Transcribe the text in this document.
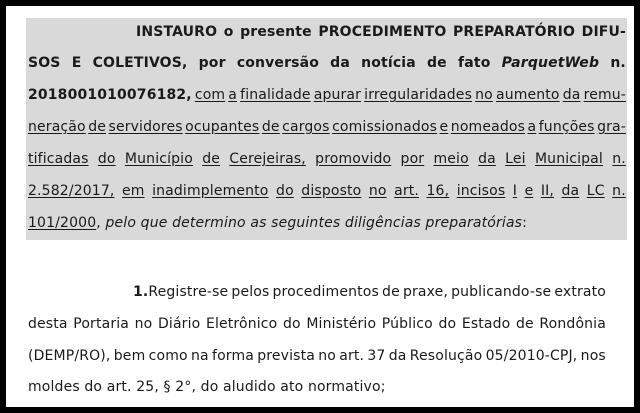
INSTAURO o presente PROCEDIMENTO PREPARATÓRIO DIFU-
SOS E COLETIVOS, por conversão da notícia de fato ParquetWeb n.
2018001010076182, com a finalidade apurar irregularidades no aumento da remu-
neração de servidores ocupantes de cargos comissionados e nomeados a funções gra-
tificadas do Município de Cerejeiras, promovido por meio da Lei Municipal n.
2.582/2017, em inadimplemento do disposto no art. 16, incisos I e II, da LC n.
101/2000, pelo que determino as seguintes diligências preparatórias:
1.Registre-se pelos procedimentos de praxe, publicando-se extrato
desta Portaria no Diário Eletrônico do Ministério Público do Estado de Rondônia
(DEMP/RO), bem como na forma prevista no art. 37 da Resolução 05/2010-CPJ, nos
moldes do art. 25, § 2°, do aludido ato normativo;
